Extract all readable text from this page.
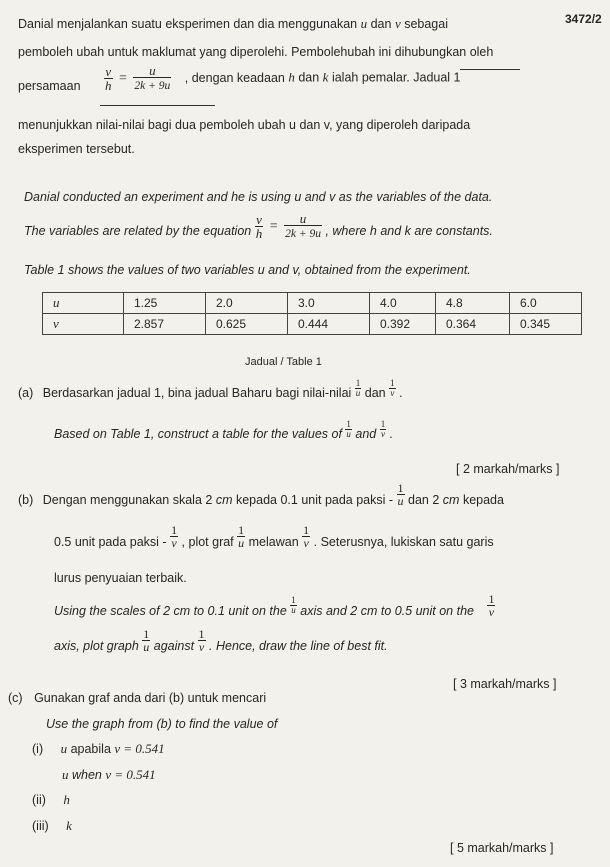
3472/2
Danial menjalankan suatu eksperimen dan dia menggunakan u dan v sebagai
pemboleh ubah untuk maklumat yang diperolehi. Pembolehubah ini dihubungkan oleh
persamaan $\frac{v}{h} = \frac{u}{2k + 9u}$ , dengan keadaan h dan k ialah pemalar. Jadual 1
menunjukkan nilai-nilai bagi dua pemboleh ubah u dan v, yang diperoleh daripada
eksperimen tersebut.
Danial conducted an experiment and he is using u and v as the variables of the data.
The variables are related by the equation $\frac{v}{h} = \frac{u}{2k + 9u}$ , where h and k are constants.
Table 1 shows the values of two variables u and v, obtained from the experiment.
u	1.25	2.0	3.0	4.0	4.8	6.0
v	2.857	0.625	0.444	0.392	0.364	0.345
Jadual / Table 1
(a) Berdasarkan jadual 1, bina jadual Baharu bagi nilai-nilai $\frac{1}{u}$ dan $\frac{1}{v}$ .
Based on Table 1, construct a table for the values of $\frac{1}{u}$ and $\frac{1}{v}$ .
[ 2 markah/marks ]
(b) Dengan menggunakan skala 2 cm kepada 0.1 unit pada paksi - $\frac{1}{u}$ dan 2 cm kepada
0.5 unit pada paksi - $\frac{1}{v}$ , plot graf $\frac{1}{u}$ melawan $\frac{1}{v}$ . Seterusnya, lukiskan satu garis
lurus penyuaian terbaik.
Using the scales of 2 cm to 0.1 unit on the $\frac{1}{u}$ axis and 2 cm to 0.5 unit on the $\frac{1}{v}$
axis, plot graph $\frac{1}{u}$ against $\frac{1}{v}$ . Hence, draw the line of best fit.
[ 3 markah/marks ]
(c) Gunakan graf anda dari (b) untuk mencari
Use the graph from (b) to find the value of
(i) u apabila v = 0.541
u when v = 0.541
(ii) h
(iii) k
[ 5 markah/marks ]
